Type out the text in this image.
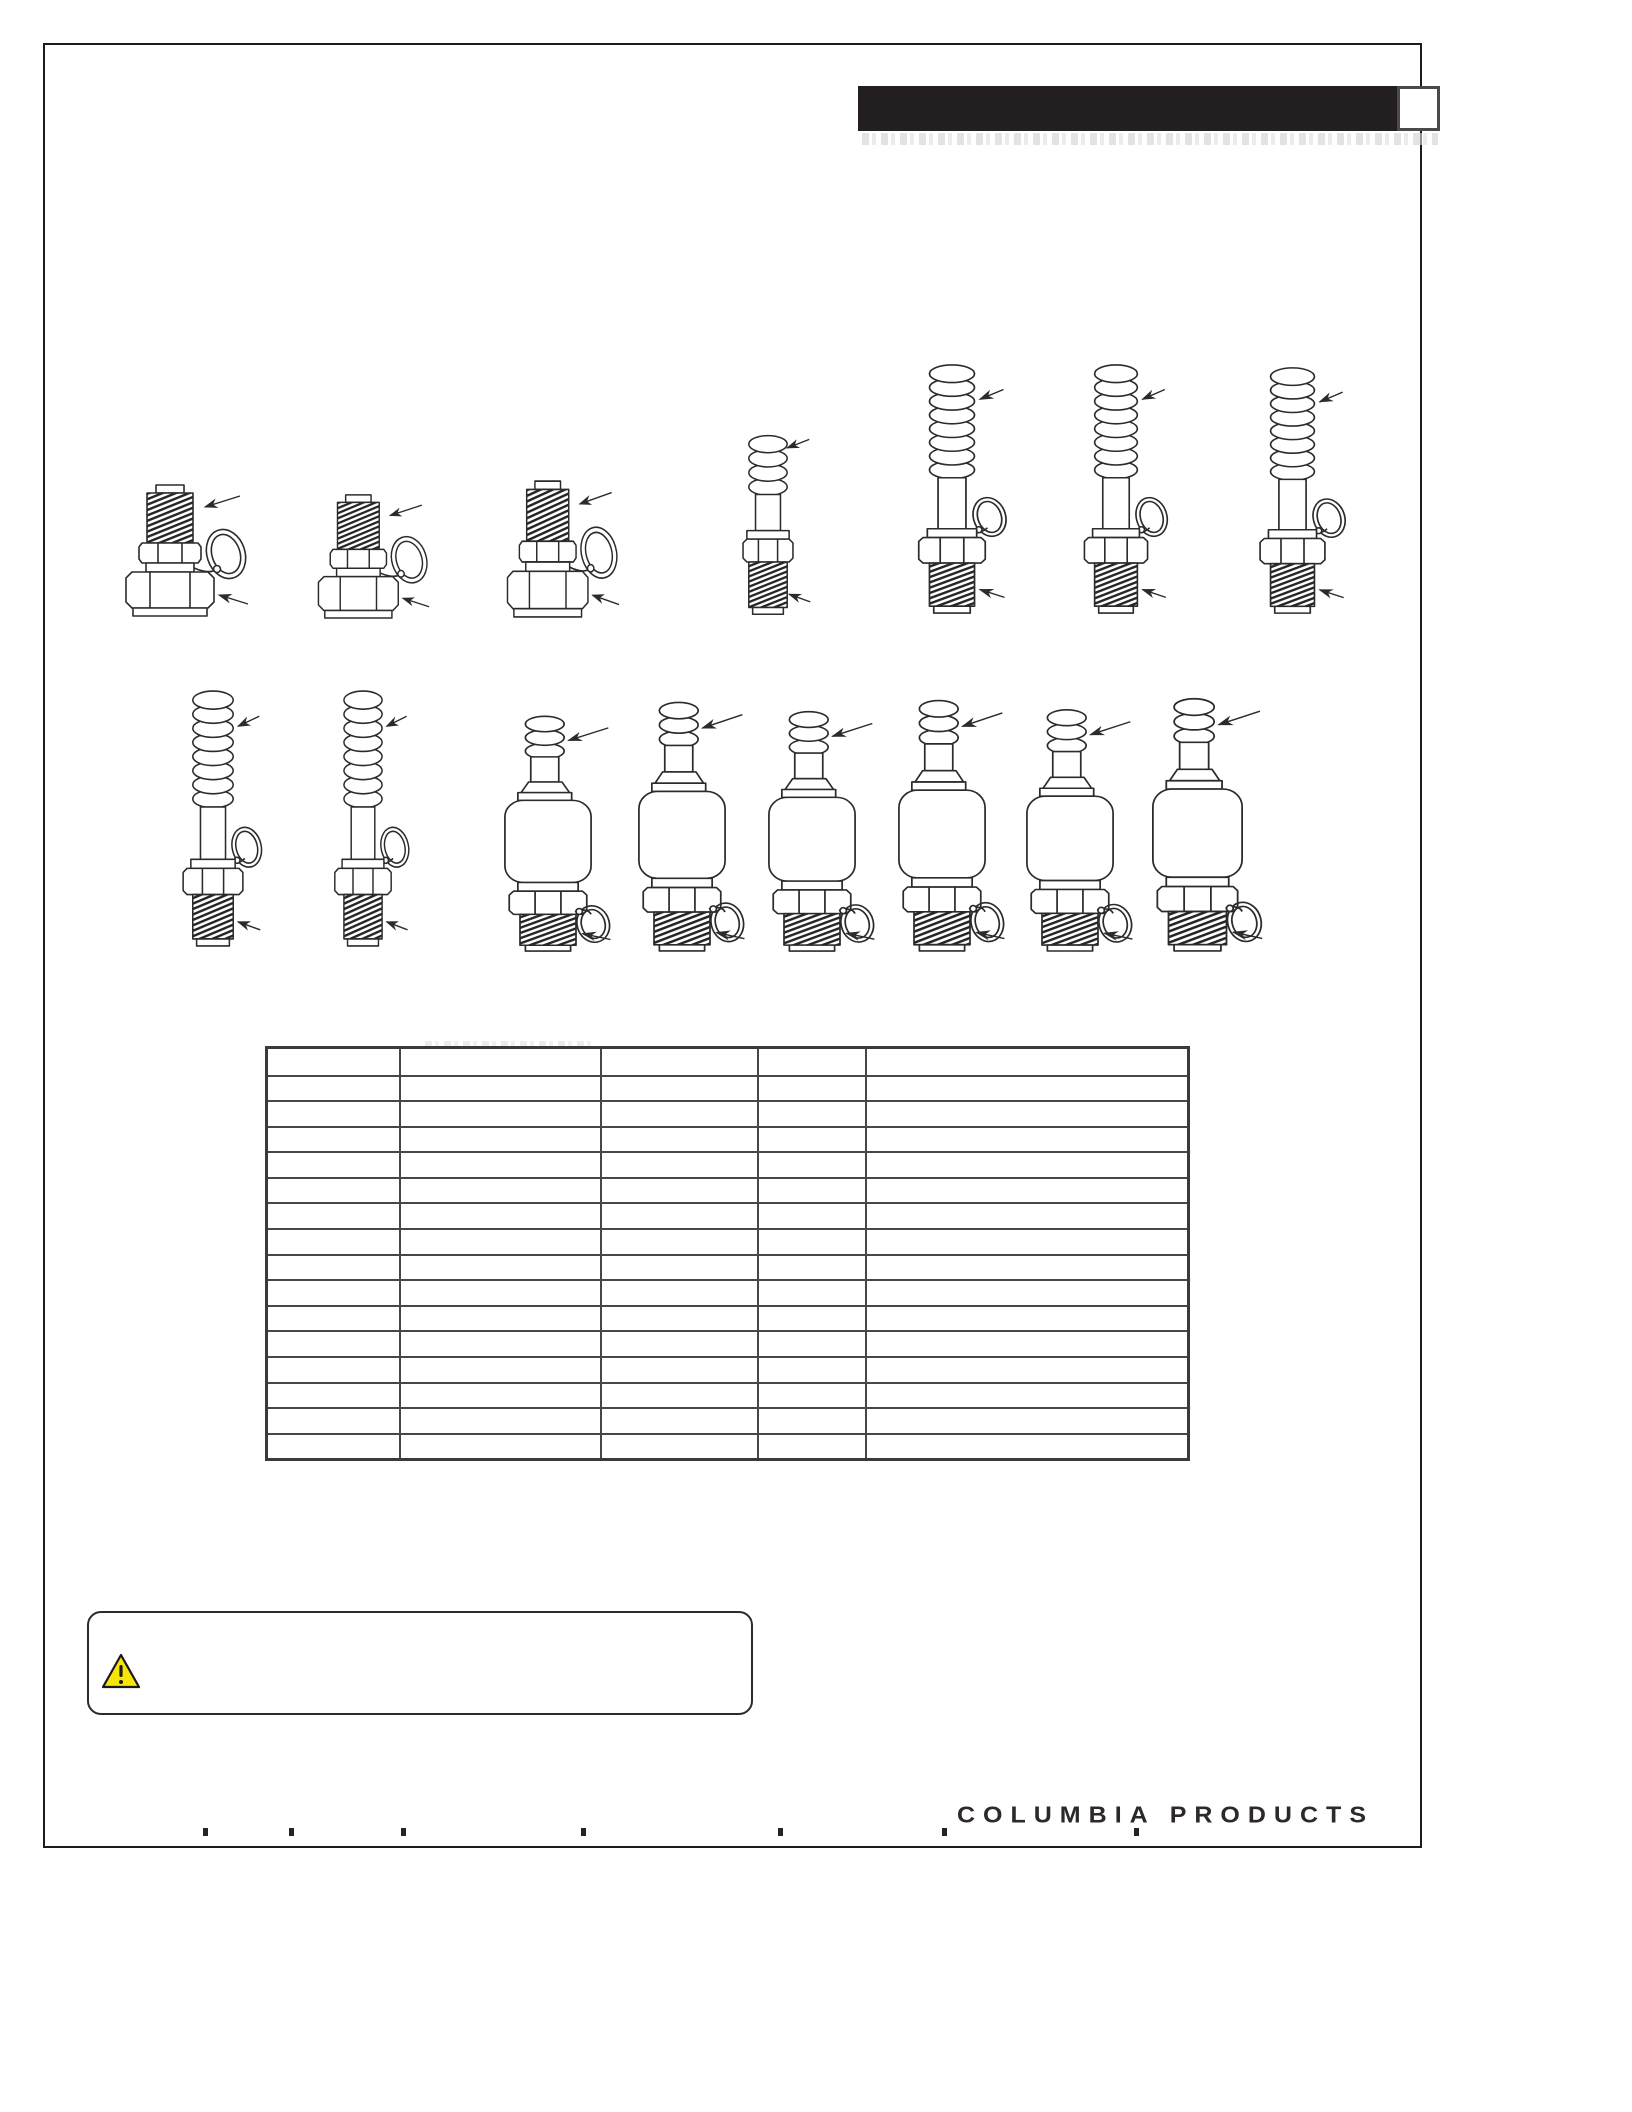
COLUMBIA PRODUCTS
